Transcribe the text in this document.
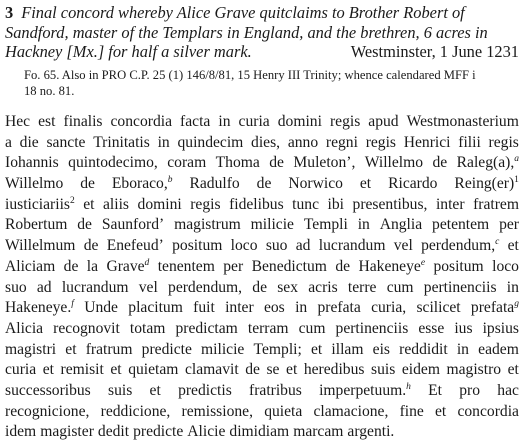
3 Final concord whereby Alice Grave quitclaims to Brother Robert of
Sandford, master of the Templars in England, and the brethren, 6 acres in
Hackney [Mx.] for half a silver mark.	Westminster, 1 June 1231
Fo. 65. Also in PRO C.P. 25 (1) 146/8/81, 15 Henry III Trinity; whence calendared MFF i
18 no. 81.
Hec est finalis concordia facta in curia domini regis apud Westmonasterium
a die sancte Trinitatis in quindecim dies, anno regni regis Henrici filii regis
Iohannis quintodecimo, coram Thoma de Muleton’, Willelmo de Raleg(a),$^a$
Willelmo de Eboraco,$^b$ Radulfo de Norwico et Ricardo Reing(er)$^1$
iusticiariis$^2$ et aliis domini regis fidelibus tunc ibi presentibus, inter fratrem
Robertum de Saunford’ magistrum milicie Templi in Anglia petentem per
Willelmum de Enefeud’ positum loco suo ad lucrandum vel perdendum,$^c$ et
Aliciam de la Grave$^d$ tenentem per Benedictum de Hakeneye$^e$ positum loco
suo ad lucrandum vel perdendum, de sex acris terre cum pertinenciis in
Hakeneye.$^f$ Unde placitum fuit inter eos in prefata curia, scilicet prefata$^g$
Alicia recognovit totam predictam terram cum pertinenciis esse ius ipsius
magistri et fratrum predicte milicie Templi; et illam eis reddidit in eadem
curia et remisit et quietam clamavit de se et heredibus suis eidem magistro et
successoribus suis et predictis fratribus imperpetuum.$^h$ Et pro hac
recognicione, reddicione, remissione, quieta clamacione, fine et concordia
idem magister dedit predicte Alicie dimidiam marcam argenti.
